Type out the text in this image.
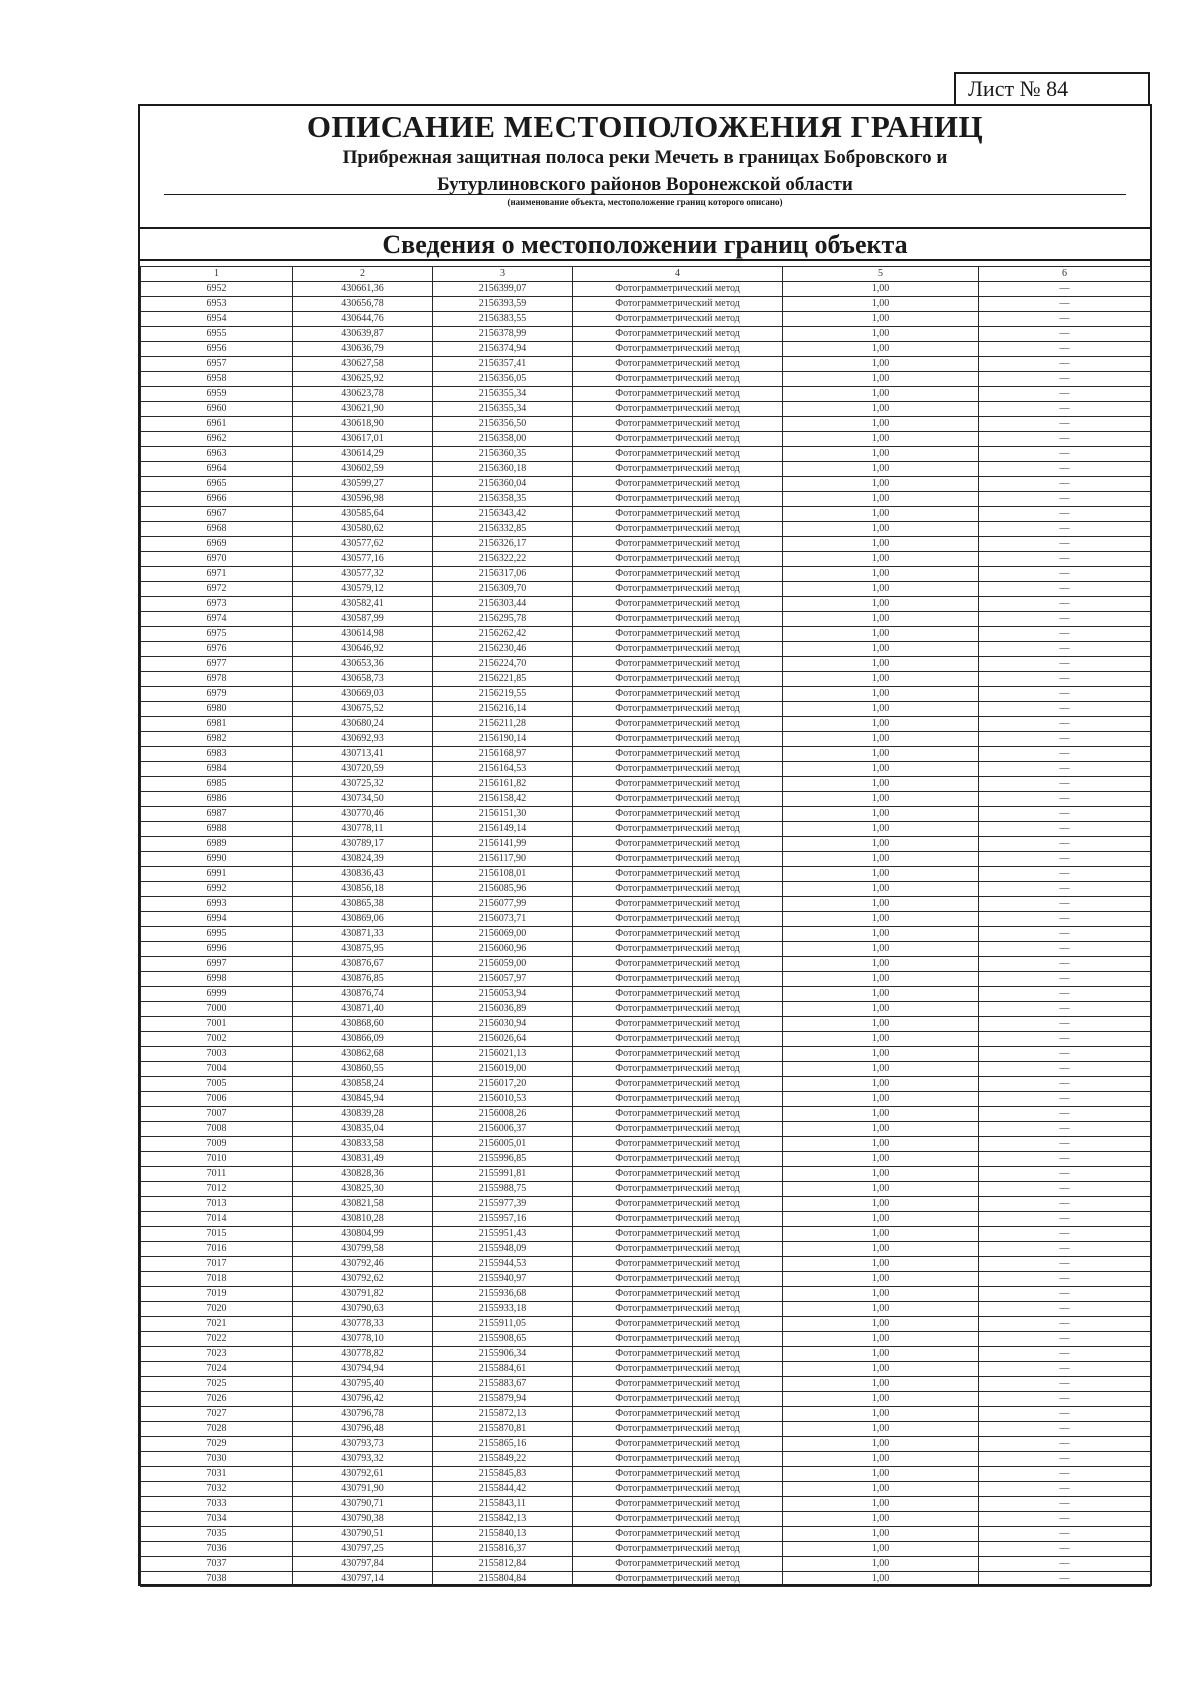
Лист № 84
ОПИСАНИЕ МЕСТОПОЛОЖЕНИЯ ГРАНИЦ
Прибрежная защитная полоса реки Мечеть в границах Бобровского и
Бутурлиновского районов Воронежской области
(наименование объекта, местоположение границ которого описано)
Сведения о местоположении границ объекта
1	2	3	4	5	6
6952	430661,36	2156399,07	Фотограмметрический метод	1,00	—
6953	430656,78	2156393,59	Фотограмметрический метод	1,00	—
6954	430644,76	2156383,55	Фотограмметрический метод	1,00	—
6955	430639,87	2156378,99	Фотограмметрический метод	1,00	—
6956	430636,79	2156374,94	Фотограмметрический метод	1,00	—
6957	430627,58	2156357,41	Фотограмметрический метод	1,00	—
6958	430625,92	2156356,05	Фотограмметрический метод	1,00	—
6959	430623,78	2156355,34	Фотограмметрический метод	1,00	—
6960	430621,90	2156355,34	Фотограмметрический метод	1,00	—
6961	430618,90	2156356,50	Фотограмметрический метод	1,00	—
6962	430617,01	2156358,00	Фотограмметрический метод	1,00	—
6963	430614,29	2156360,35	Фотограмметрический метод	1,00	—
6964	430602,59	2156360,18	Фотограмметрический метод	1,00	—
6965	430599,27	2156360,04	Фотограмметрический метод	1,00	—
6966	430596,98	2156358,35	Фотограмметрический метод	1,00	—
6967	430585,64	2156343,42	Фотограмметрический метод	1,00	—
6968	430580,62	2156332,85	Фотограмметрический метод	1,00	—
6969	430577,62	2156326,17	Фотограмметрический метод	1,00	—
6970	430577,16	2156322,22	Фотограмметрический метод	1,00	—
6971	430577,32	2156317,06	Фотограмметрический метод	1,00	—
6972	430579,12	2156309,70	Фотограмметрический метод	1,00	—
6973	430582,41	2156303,44	Фотограмметрический метод	1,00	—
6974	430587,99	2156295,78	Фотограмметрический метод	1,00	—
6975	430614,98	2156262,42	Фотограмметрический метод	1,00	—
6976	430646,92	2156230,46	Фотограмметрический метод	1,00	—
6977	430653,36	2156224,70	Фотограмметрический метод	1,00	—
6978	430658,73	2156221,85	Фотограмметрический метод	1,00	—
6979	430669,03	2156219,55	Фотограмметрический метод	1,00	—
6980	430675,52	2156216,14	Фотограмметрический метод	1,00	—
6981	430680,24	2156211,28	Фотограмметрический метод	1,00	—
6982	430692,93	2156190,14	Фотограмметрический метод	1,00	—
6983	430713,41	2156168,97	Фотограмметрический метод	1,00	—
6984	430720,59	2156164,53	Фотограмметрический метод	1,00	—
6985	430725,32	2156161,82	Фотограмметрический метод	1,00	—
6986	430734,50	2156158,42	Фотограмметрический метод	1,00	—
6987	430770,46	2156151,30	Фотограмметрический метод	1,00	—
6988	430778,11	2156149,14	Фотограмметрический метод	1,00	—
6989	430789,17	2156141,99	Фотограмметрический метод	1,00	—
6990	430824,39	2156117,90	Фотограмметрический метод	1,00	—
6991	430836,43	2156108,01	Фотограмметрический метод	1,00	—
6992	430856,18	2156085,96	Фотограмметрический метод	1,00	—
6993	430865,38	2156077,99	Фотограмметрический метод	1,00	—
6994	430869,06	2156073,71	Фотограмметрический метод	1,00	—
6995	430871,33	2156069,00	Фотограмметрический метод	1,00	—
6996	430875,95	2156060,96	Фотограмметрический метод	1,00	—
6997	430876,67	2156059,00	Фотограмметрический метод	1,00	—
6998	430876,85	2156057,97	Фотограмметрический метод	1,00	—
6999	430876,74	2156053,94	Фотограмметрический метод	1,00	—
7000	430871,40	2156036,89	Фотограмметрический метод	1,00	—
7001	430868,60	2156030,94	Фотограмметрический метод	1,00	—
7002	430866,09	2156026,64	Фотограмметрический метод	1,00	—
7003	430862,68	2156021,13	Фотограмметрический метод	1,00	—
7004	430860,55	2156019,00	Фотограмметрический метод	1,00	—
7005	430858,24	2156017,20	Фотограмметрический метод	1,00	—
7006	430845,94	2156010,53	Фотограмметрический метод	1,00	—
7007	430839,28	2156008,26	Фотограмметрический метод	1,00	—
7008	430835,04	2156006,37	Фотограмметрический метод	1,00	—
7009	430833,58	2156005,01	Фотограмметрический метод	1,00	—
7010	430831,49	2155996,85	Фотограмметрический метод	1,00	—
7011	430828,36	2155991,81	Фотограмметрический метод	1,00	—
7012	430825,30	2155988,75	Фотограмметрический метод	1,00	—
7013	430821,58	2155977,39	Фотограмметрический метод	1,00	—
7014	430810,28	2155957,16	Фотограмметрический метод	1,00	—
7015	430804,99	2155951,43	Фотограмметрический метод	1,00	—
7016	430799,58	2155948,09	Фотограмметрический метод	1,00	—
7017	430792,46	2155944,53	Фотограмметрический метод	1,00	—
7018	430792,62	2155940,97	Фотограмметрический метод	1,00	—
7019	430791,82	2155936,68	Фотограмметрический метод	1,00	—
7020	430790,63	2155933,18	Фотограмметрический метод	1,00	—
7021	430778,33	2155911,05	Фотограмметрический метод	1,00	—
7022	430778,10	2155908,65	Фотограмметрический метод	1,00	—
7023	430778,82	2155906,34	Фотограмметрический метод	1,00	—
7024	430794,94	2155884,61	Фотограмметрический метод	1,00	—
7025	430795,40	2155883,67	Фотограмметрический метод	1,00	—
7026	430796,42	2155879,94	Фотограмметрический метод	1,00	—
7027	430796,78	2155872,13	Фотограмметрический метод	1,00	—
7028	430796,48	2155870,81	Фотограмметрический метод	1,00	—
7029	430793,73	2155865,16	Фотограмметрический метод	1,00	—
7030	430793,32	2155849,22	Фотограмметрический метод	1,00	—
7031	430792,61	2155845,83	Фотограмметрический метод	1,00	—
7032	430791,90	2155844,42	Фотограмметрический метод	1,00	—
7033	430790,71	2155843,11	Фотограмметрический метод	1,00	—
7034	430790,38	2155842,13	Фотограмметрический метод	1,00	—
7035	430790,51	2155840,13	Фотограмметрический метод	1,00	—
7036	430797,25	2155816,37	Фотограмметрический метод	1,00	—
7037	430797,84	2155812,84	Фотограмметрический метод	1,00	—
7038	430797,14	2155804,84	Фотограмметрический метод	1,00	—
